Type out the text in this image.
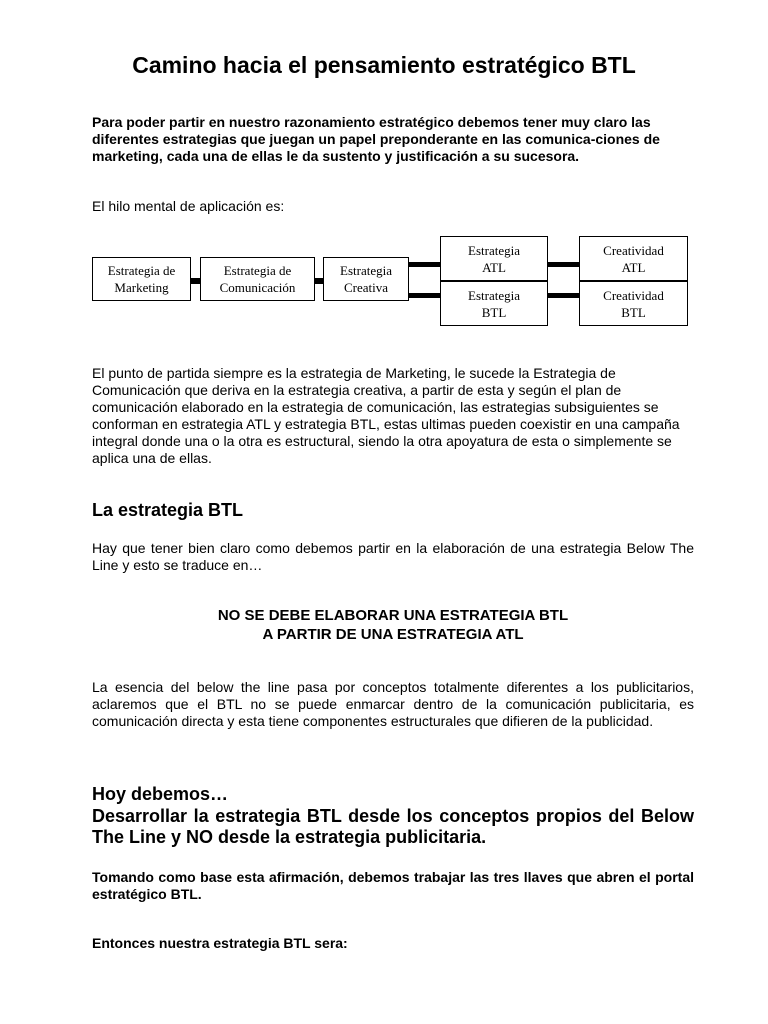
Camino hacia el pensamiento estratégico BTL
Para poder partir en nuestro razonamiento estratégico debemos tener muy claro las diferentes estrategias que juegan un papel preponderante en las comunica-ciones de marketing, cada una de ellas le da sustento y justificación a su sucesora.
El hilo mental de aplicación es:
Estrategia de
Marketing
Estrategia de
Comunicación
Estrategia
Creativa
Estrategia
ATL
Estrategia
BTL
Creatividad
ATL
Creatividad
BTL
El punto de partida siempre es la estrategia de Marketing, le sucede la Estrategia de Comunicación que deriva en la estrategia creativa, a partir de esta y según el plan de comunicación elaborado en la estrategia de comunicación, las estrategias subsiguientes se conforman en estrategia ATL y estrategia BTL, estas ultimas pueden coexistir en una campaña integral donde una o la otra es estructural, siendo la otra apoyatura de esta o simplemente se aplica una de ellas.
La estrategia BTL
Hay que tener bien claro como debemos partir en la elaboración de una estrategia Below The Line y esto se traduce en…
NO SE DEBE ELABORAR UNA ESTRATEGIA BTL
A PARTIR DE UNA ESTRATEGIA ATL
La esencia del below the line pasa por conceptos totalmente diferentes a los publicitarios, aclaremos que el BTL no se puede enmarcar dentro de la comunicación publicitaria, es comunicación directa y esta tiene componentes estructurales que difieren de la publicidad.
Hoy debemos…
Desarrollar la estrategia BTL desde los conceptos propios del Below The Line y NO desde la estrategia publicitaria.
Tomando como base esta afirmación, debemos trabajar las tres llaves que abren el portal estratégico BTL.
Entonces nuestra estrategia BTL sera:
